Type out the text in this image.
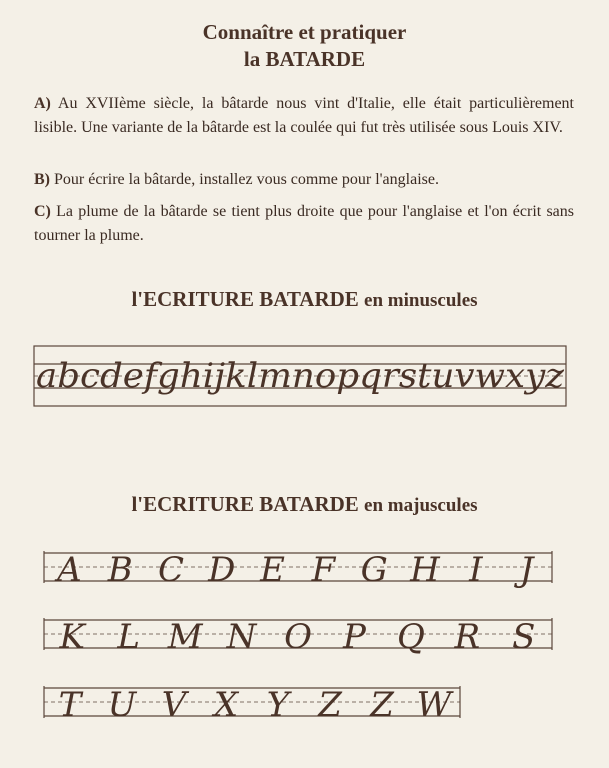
Connaître et pratiquer
la BATARDE
A) Au XVIIème siècle, la bâtarde nous vint d'Italie, elle était particulièrement lisible. Une variante de la bâtarde est la coulée qui fut très utilisée sous Louis XIV.
B) Pour écrire la bâtarde, installez vous comme pour l'anglaise.
C) La plume de la bâtarde se tient plus droite que pour l'anglaise et l'on écrit sans tourner la plume.
l'ECRITURE BATARDE en minuscules
abcdefghijklmnopqrstuvwxyz
l'ECRITURE BATARDE en majuscules
A B C D E F G H I J
K L M N O P Q R S
T U V X Y Z Z W
